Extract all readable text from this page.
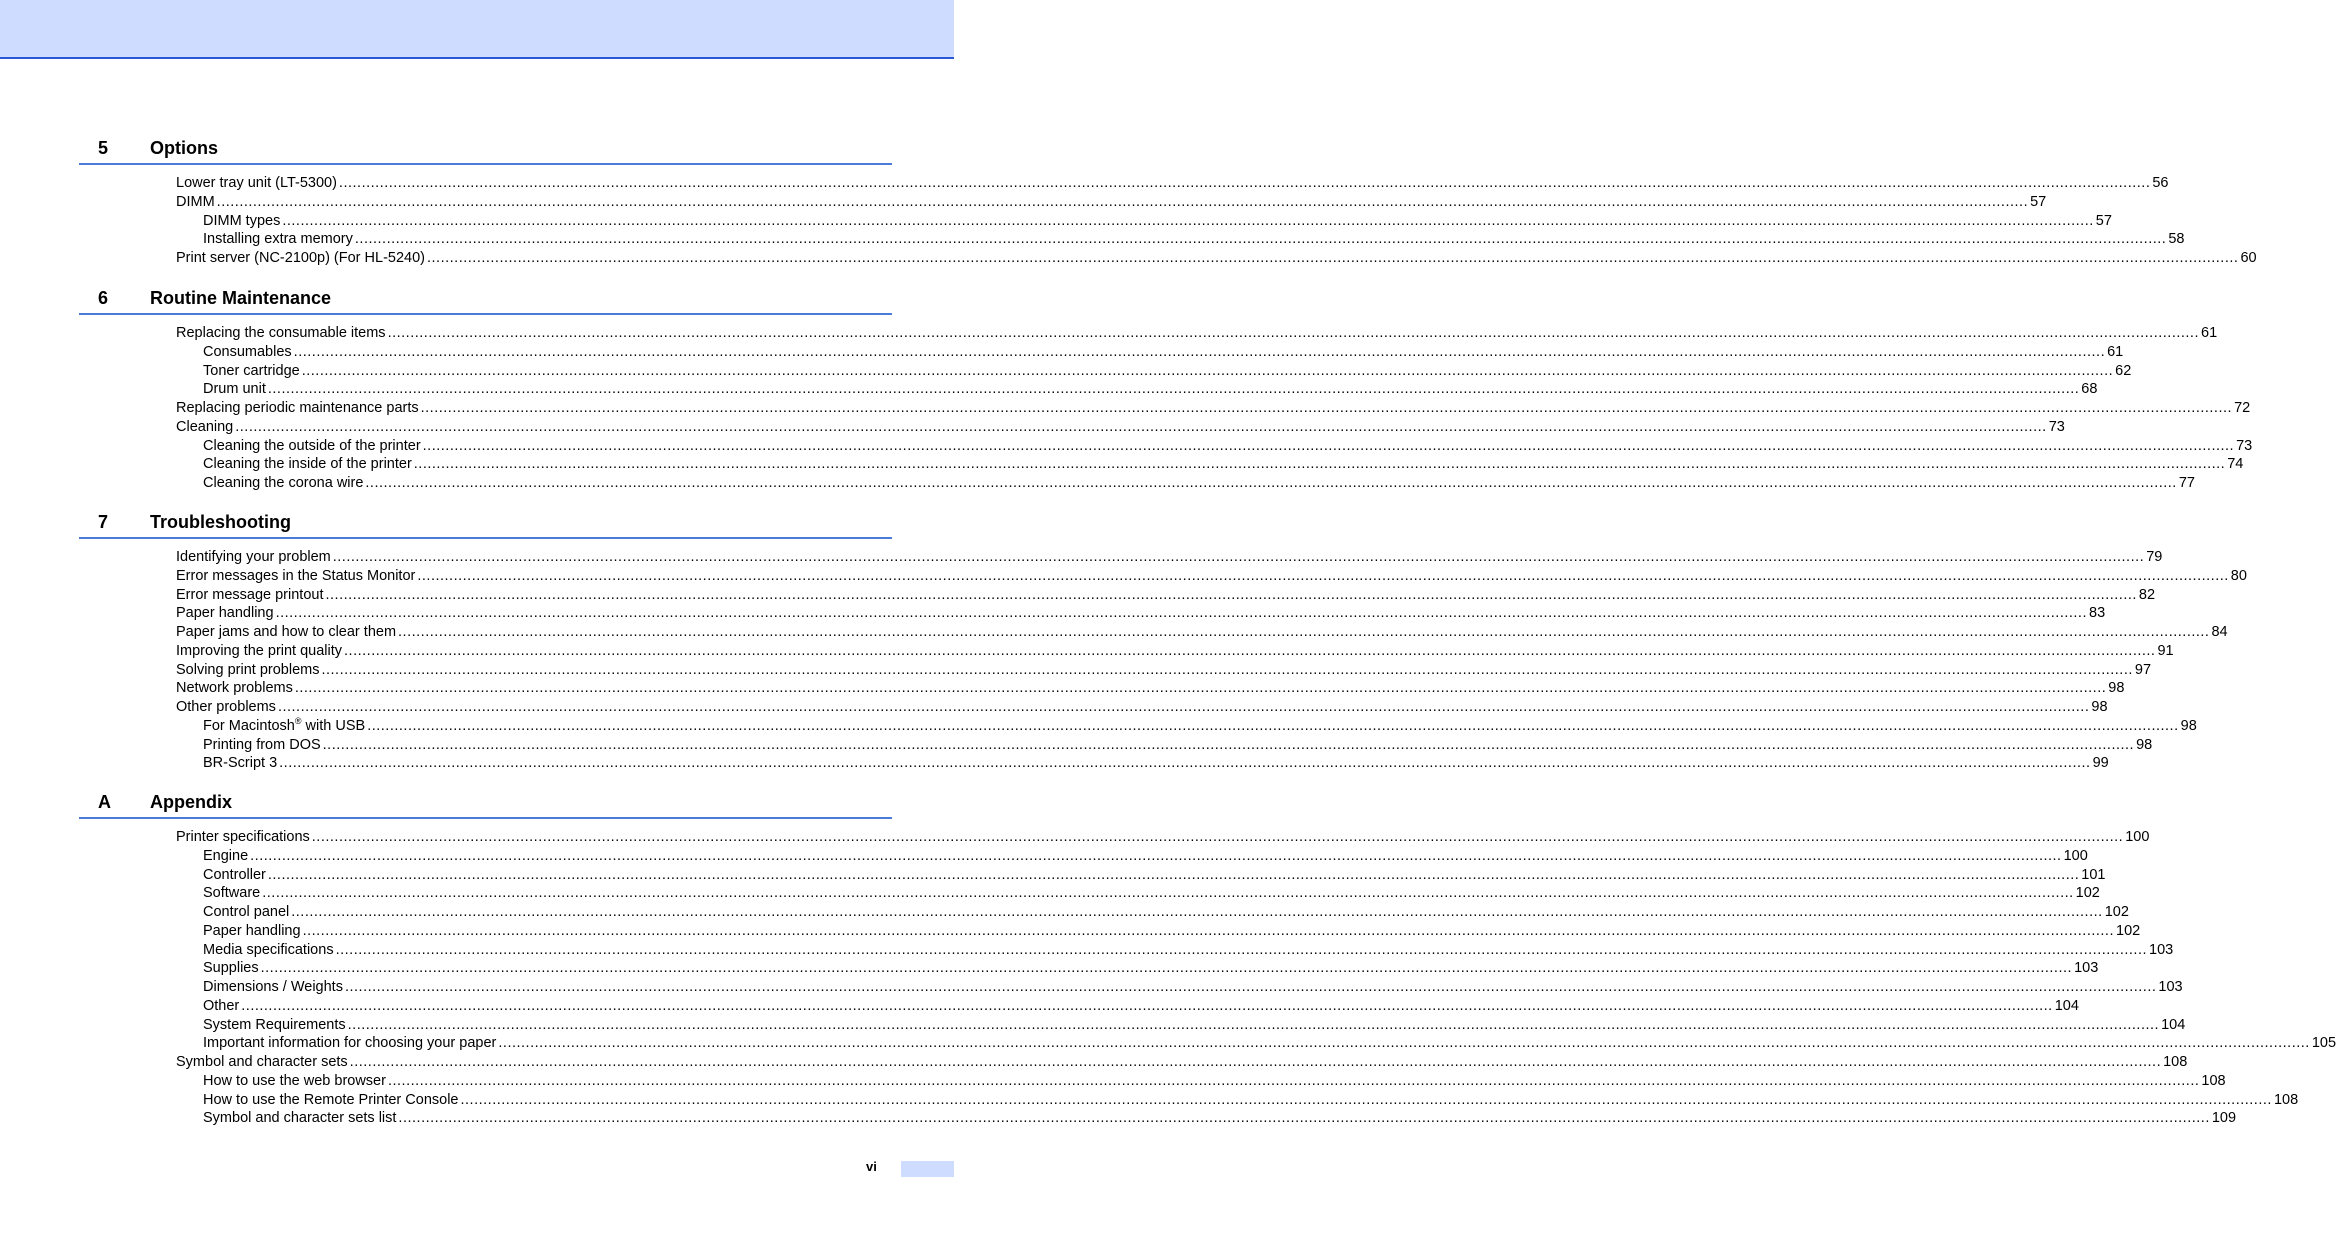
5 Options
Lower tray unit (LT-5300) ................................................................................................................................................................................................................................................................................................................................................................................................................ 56
DIMM ................................................................................................................................................................................................................................................................................................................................................................................................................ 57
DIMM types ................................................................................................................................................................................................................................................................................................................................................................................................................ 57
Installing extra memory ................................................................................................................................................................................................................................................................................................................................................................................................................ 58
Print server (NC-2100p) (For HL-5240) ................................................................................................................................................................................................................................................................................................................................................................................................................ 60
6 Routine Maintenance
Replacing the consumable items ................................................................................................................................................................................................................................................................................................................................................................................................................ 61
Consumables ................................................................................................................................................................................................................................................................................................................................................................................................................ 61
Toner cartridge ................................................................................................................................................................................................................................................................................................................................................................................................................ 62
Drum unit ................................................................................................................................................................................................................................................................................................................................................................................................................ 68
Replacing periodic maintenance parts ................................................................................................................................................................................................................................................................................................................................................................................................................ 72
Cleaning ................................................................................................................................................................................................................................................................................................................................................................................................................ 73
Cleaning the outside of the printer ................................................................................................................................................................................................................................................................................................................................................................................................................ 73
Cleaning the inside of the printer ................................................................................................................................................................................................................................................................................................................................................................................................................ 74
Cleaning the corona wire ................................................................................................................................................................................................................................................................................................................................................................................................................ 77
7 Troubleshooting
Identifying your problem ................................................................................................................................................................................................................................................................................................................................................................................................................ 79
Error messages in the Status Monitor ................................................................................................................................................................................................................................................................................................................................................................................................................ 80
Error message printout ................................................................................................................................................................................................................................................................................................................................................................................................................ 82
Paper handling ................................................................................................................................................................................................................................................................................................................................................................................................................ 83
Paper jams and how to clear them ................................................................................................................................................................................................................................................................................................................................................................................................................ 84
Improving the print quality ................................................................................................................................................................................................................................................................................................................................................................................................................ 91
Solving print problems ................................................................................................................................................................................................................................................................................................................................................................................................................ 97
Network problems ................................................................................................................................................................................................................................................................................................................................................................................................................ 98
Other problems ................................................................................................................................................................................................................................................................................................................................................................................................................ 98
For Macintosh® with USB ................................................................................................................................................................................................................................................................................................................................................................................................................ 98
Printing from DOS ................................................................................................................................................................................................................................................................................................................................................................................................................ 98
BR-Script 3 ................................................................................................................................................................................................................................................................................................................................................................................................................ 99
A Appendix
Printer specifications ................................................................................................................................................................................................................................................................................................................................................................................................................ 100
Engine ................................................................................................................................................................................................................................................................................................................................................................................................................ 100
Controller ................................................................................................................................................................................................................................................................................................................................................................................................................ 101
Software ................................................................................................................................................................................................................................................................................................................................................................................................................ 102
Control panel ................................................................................................................................................................................................................................................................................................................................................................................................................ 102
Paper handling ................................................................................................................................................................................................................................................................................................................................................................................................................ 102
Media specifications ................................................................................................................................................................................................................................................................................................................................................................................................................ 103
Supplies ................................................................................................................................................................................................................................................................................................................................................................................................................ 103
Dimensions / Weights ................................................................................................................................................................................................................................................................................................................................................................................................................ 103
Other ................................................................................................................................................................................................................................................................................................................................................................................................................ 104
System Requirements ................................................................................................................................................................................................................................................................................................................................................................................................................ 104
Important information for choosing your paper ................................................................................................................................................................................................................................................................................................................................................................................................................ 105
Symbol and character sets ................................................................................................................................................................................................................................................................................................................................................................................................................ 108
How to use the web browser ................................................................................................................................................................................................................................................................................................................................................................................................................ 108
How to use the Remote Printer Console ................................................................................................................................................................................................................................................................................................................................................................................................................ 108
Symbol and character sets list ................................................................................................................................................................................................................................................................................................................................................................................................................ 109
vi
